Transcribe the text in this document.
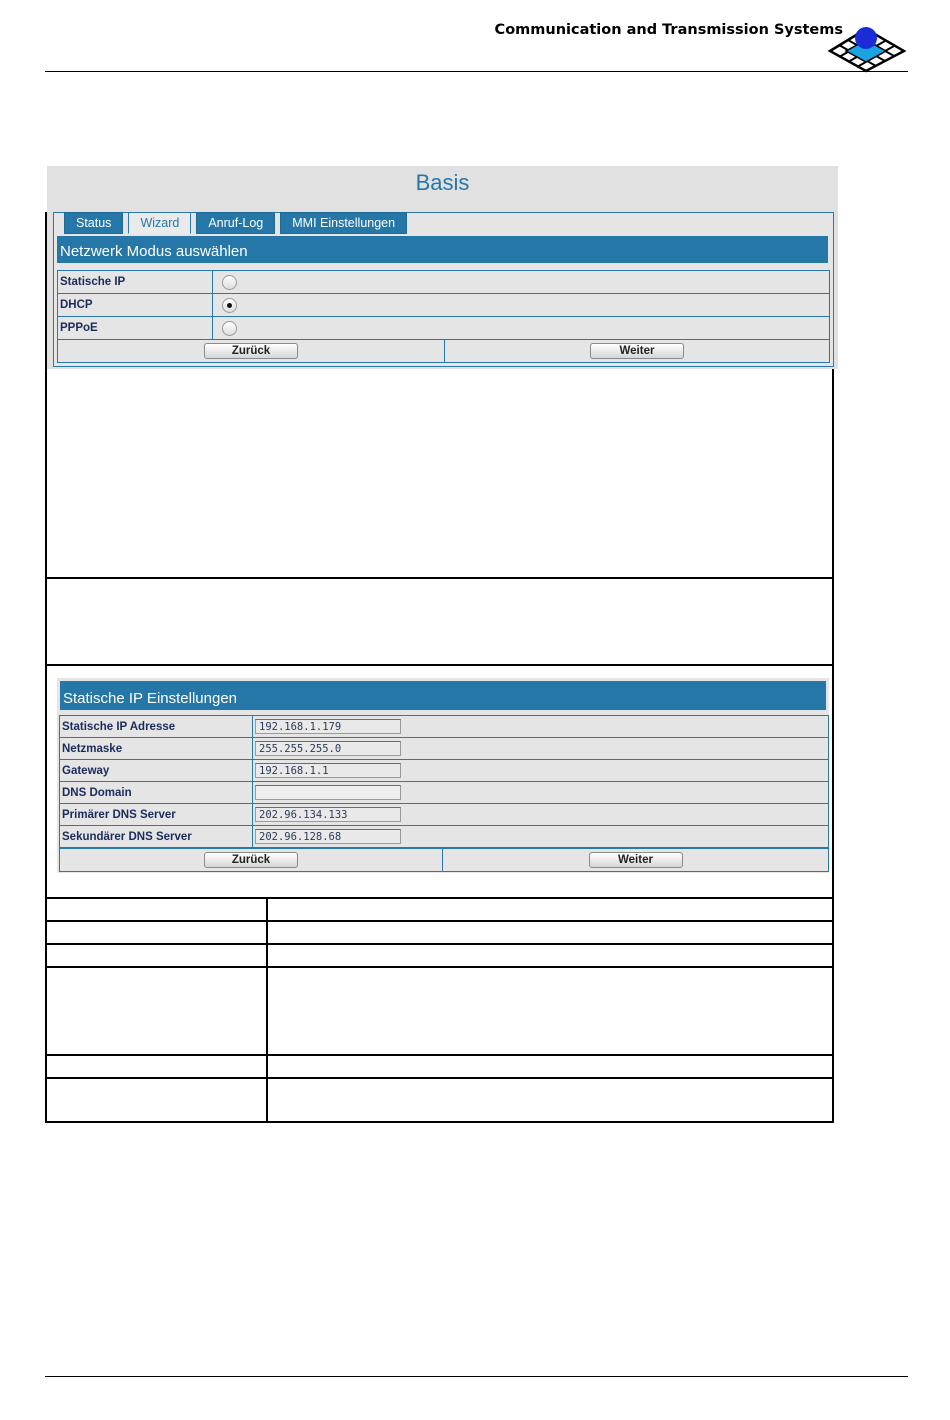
Communication and Transmission Systems
Basis
Status	Wizard	Anruf-Log	MMI Einstellungen
Netzwerk Modus auswählen
Statische IP
DHCP
PPPoE
Zurück	Weiter
Statische IP Einstellungen
Statische IP Adresse	192.168.1.179
Netzmaske	255.255.255.0
Gateway	192.168.1.1
DNS Domain
Primärer DNS Server	202.96.134.133
Sekundärer DNS Server	202.96.128.68
Zurück	Weiter
